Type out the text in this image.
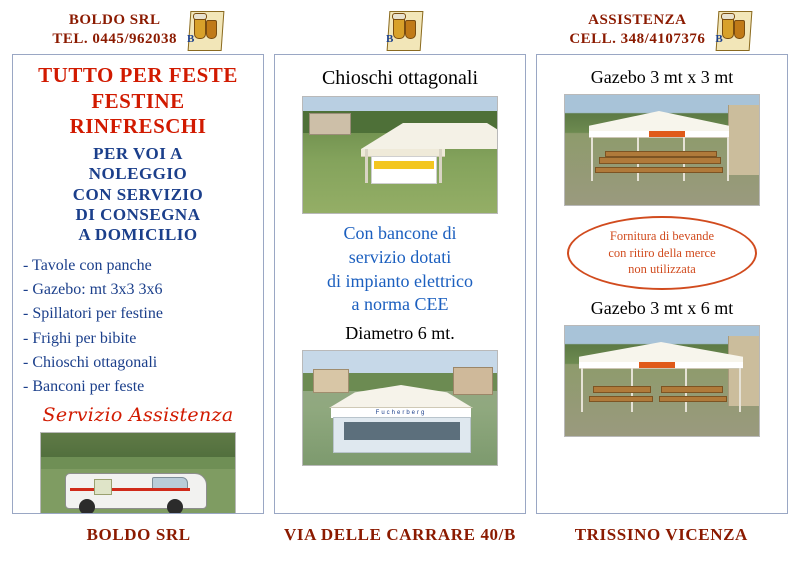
BOLDO SRL
TEL. 0445/962038 B	B
ASSISTENZA
CELL. 348/4107376 B
TUTTO PER FESTE
FESTINE
RINFRESCHI
PER VOI A
NOLEGGIO
CON SERVIZIO
DI CONSEGNA
A DOMICILIO
- Tavole con panche
- Gazebo: mt 3x3 3x6
- Spillatori per festine
- Frighi per bibite
- Chioschi ottagonali
- Banconi per feste
Servizio Assistenza
Chioschi ottagonali
Con bancone di
servizio dotati
di impianto elettrico
a norma CEE
Diametro 6 mt.
Fucherberg
Gazebo 3 mt x 3 mt
Fornitura di bevande
con ritiro della merce
non utilizzata
Gazebo 3 mt x 6 mt
BOLDO SRL	VIA DELLE CARRARE 40/B	TRISSINO VICENZA
